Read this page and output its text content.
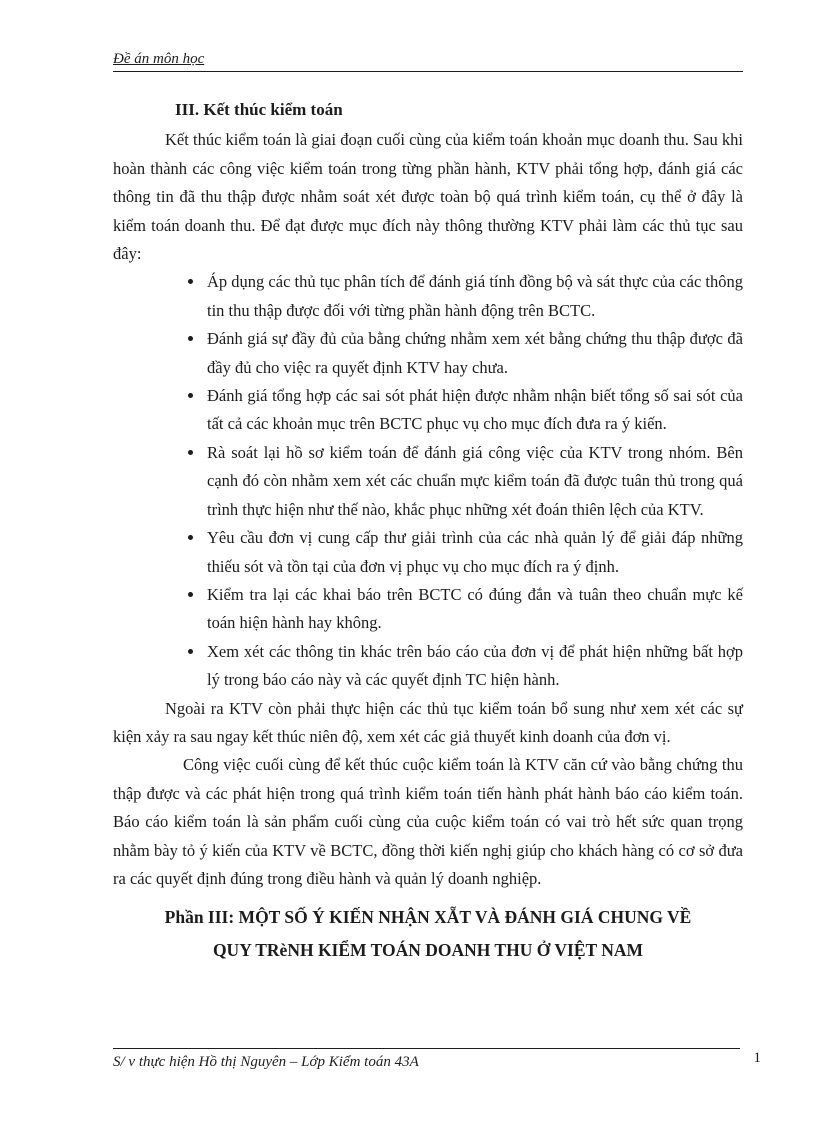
Đề án môn học
III. Kết thúc kiểm toán

Kết thúc kiểm toán là giai đoạn cuối cùng của kiểm toán khoản mục doanh thu. Sau khi hoàn thành các công việc kiểm toán trong từng phần hành, KTV phải tổng hợp, đánh giá các thông tin đã thu thập được nhằm soát xét được toàn bộ quá trình kiểm toán, cụ thể ở đây là kiểm toán doanh thu. Để đạt được mục đích này thông thường KTV phải làm các thủ tục sau đây:

• Áp dụng các thủ tục phân tích để đánh giá tính đồng bộ và sát thực của các thông tin thu thập được đối với từng phần hành động trên BCTC.
• Đánh giá sự đầy đủ của bằng chứng nhằm xem xét bằng chứng thu thập được đã đầy đủ cho việc ra quyết định KTV hay chưa.
• Đánh giá tổng hợp các sai sót phát hiện được nhằm nhận biết tổng số sai sót của tất cả các khoản mục trên BCTC phục vụ cho mục đích đưa ra ý kiến.
• Rà soát lại hồ sơ kiểm toán để đánh giá công việc của KTV trong nhóm. Bên cạnh đó còn nhằm xem xét các chuẩn mực kiểm toán đã được tuân thủ trong quá trình thực hiện như thế nào, khắc phục những xét đoán thiên lệch của KTV.
• Yêu cầu đơn vị cung cấp thư giải trình của các nhà quản lý để giải đáp những thiếu sót và tồn tại của đơn vị phục vụ cho mục đích ra ý định.
• Kiểm tra lại các khai báo trên BCTC có đúng đắn và tuân theo chuẩn mực kế toán hiện hành hay không.
• Xem xét các thông tin khác trên báo cáo của đơn vị để phát hiện những bất hợp lý trong báo cáo này và các quyết định TC hiện hành.

Ngoài ra KTV còn phải thực hiện các thủ tục kiểm toán bổ sung như xem xét các sự kiện xảy ra sau ngay kết thúc niên độ, xem xét các giả thuyết kinh doanh của đơn vị.

Công việc cuối cùng để kết thúc cuộc kiểm toán là KTV căn cứ vào bằng chứng thu thập được và các phát hiện trong quá trình kiểm toán tiến hành phát hành báo cáo kiểm toán. Báo cáo kiểm toán là sản phẩm cuối cùng của cuộc kiểm toán có vai trò hết sức quan trọng nhằm bày tỏ ý kiến của KTV về BCTC, đồng thời kiến nghị giúp cho khách hàng có cơ sở đưa ra các quyết định đúng trong điều hành và quản lý doanh nghiệp.

Phần III: MỘT SỐ Ý KIẾN NHẬN XẴT VÀ ĐÁNH GIÁ CHUNG VỀ
QUY TRèNH KIỂM TOÁN DOANH THU Ở VIỆT NAM
S/ v thực hiện Hồ thị Nguyên – Lớp Kiểm toán 43A	1
